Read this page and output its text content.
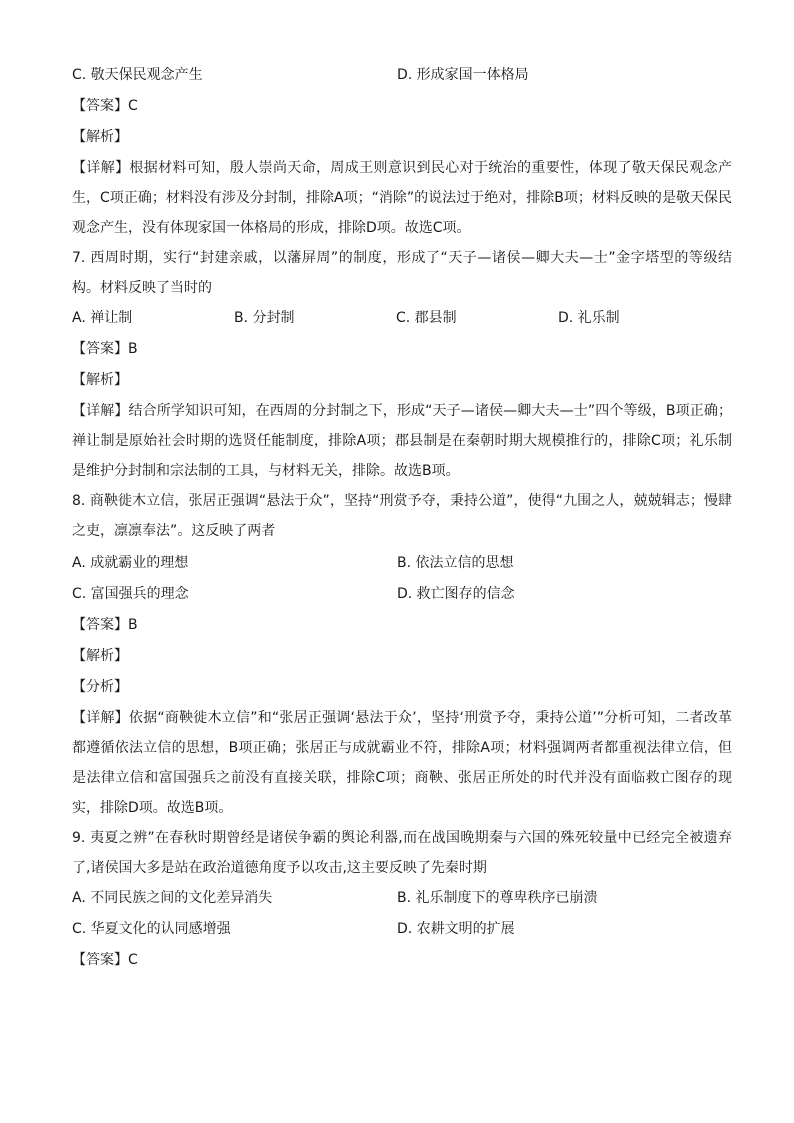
C. 敬天保民观念产生	D. 形成家国一体格局
【答案】C
【解析】
【详解】根据材料可知，殷人崇尚天命，周成王则意识到民心对于统治的重要性，体现了敬天保民观念产生，C项正确；材料没有涉及分封制，排除A项；“消除”的说法过于绝对，排除B项；材料反映的是敬天保民观念产生，没有体现家国一体格局的形成，排除D项。故选C项。
7. 西周时期，实行“封建亲戚，以藩屏周”的制度，形成了“天子—诸侯—卿大夫—士”金字塔型的等级结构。材料反映了当时的
A. 禅让制	B. 分封制	C. 郡县制	D. 礼乐制
【答案】B
【解析】
【详解】结合所学知识可知，在西周的分封制之下，形成“天子—诸侯—卿大夫—士”四个等级，B项正确；禅让制是原始社会时期的选贤任能制度，排除A项；郡县制是在秦朝时期大规模推行的，排除C项；礼乐制是维护分封制和宗法制的工具，与材料无关，排除。故选B项。
8. 商鞅徙木立信，张居正强调“悬法于众”，坚持“刑赏予夺，秉持公道”，使得“九围之人，兢兢辑志；慢肆之吏，凛凛奉法”。这反映了两者
A. 成就霸业的理想	B. 依法立信的思想
C. 富国强兵的理念	D. 救亡图存的信念
【答案】B
【解析】
【分析】
【详解】依据“商鞅徙木立信”和“张居正强调‘悬法于众’，坚持‘刑赏予夺，秉持公道’”分析可知，二者改革都遵循依法立信的思想，B项正确；张居正与成就霸业不符，排除A项；材料强调两者都重视法律立信，但是法律立信和富国强兵之前没有直接关联，排除C项；商鞅、张居正所处的时代并没有面临救亡图存的现实，排除D项。故选B项。
9. 夷夏之辨”在春秋时期曾经是诸侯争霸的舆论利器,而在战国晚期秦与六国的殊死较量中已经完全被遗弃了,诸侯国大多是站在政治道德角度予以攻击,这主要反映了先秦时期
A. 不同民族之间的文化差异消失	B. 礼乐制度下的尊卑秩序已崩溃
C. 华夏文化的认同感增强	D. 农耕文明的扩展
【答案】C
